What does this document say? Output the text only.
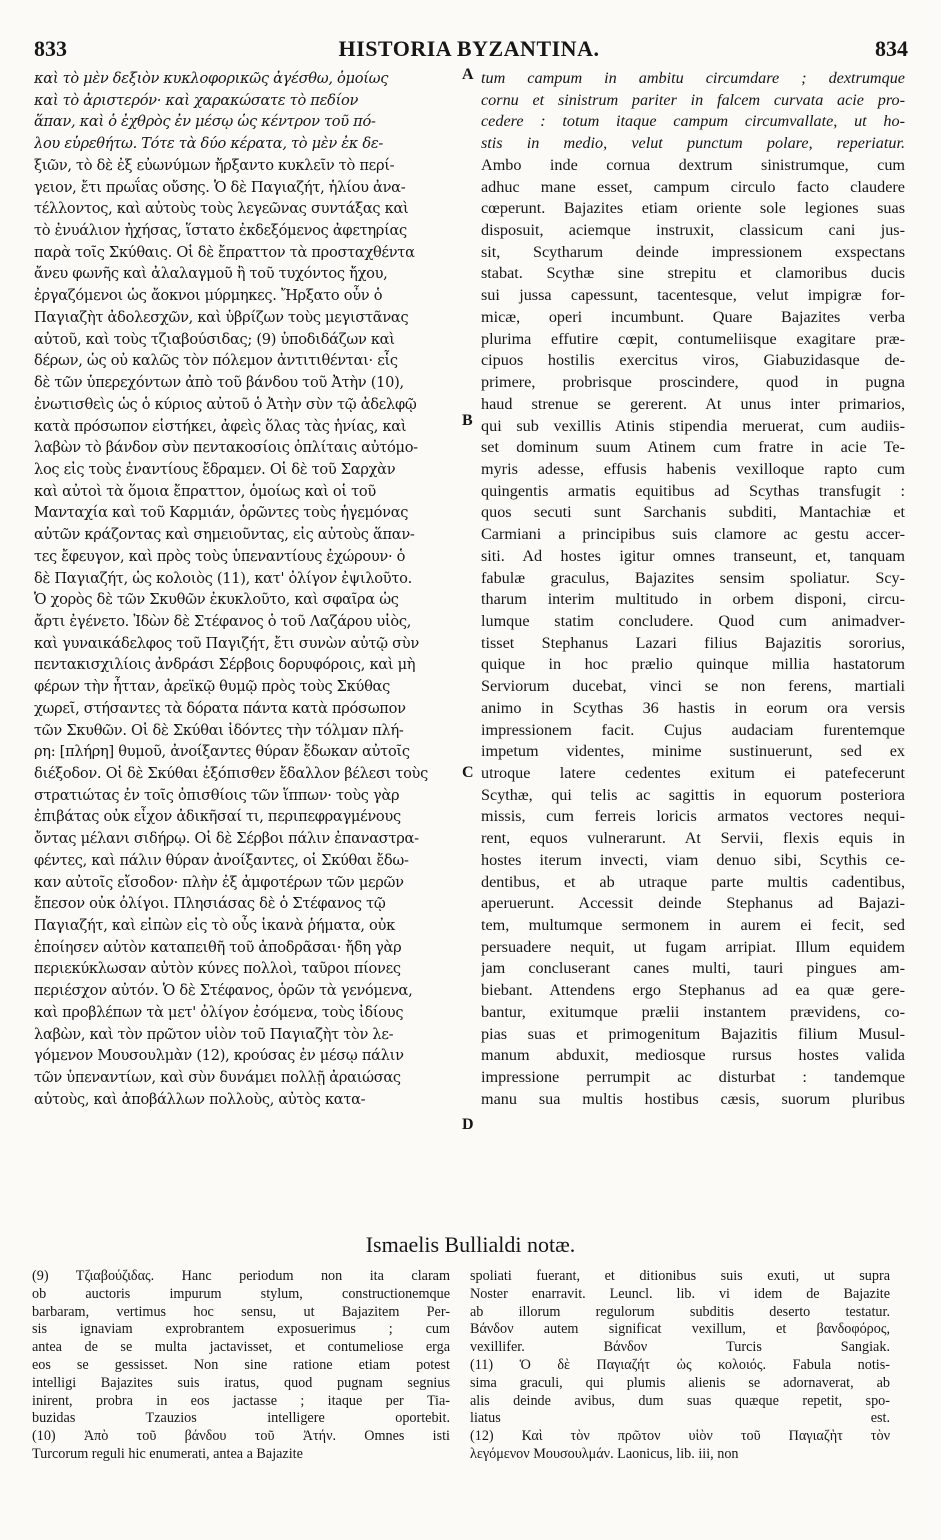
833	HISTORIA BYZANTINA.	834
καὶ τὸ μὲν δεξιὸν κυκλοφορικῶς ἀγέσθω, ὁμοίως
καὶ τὸ ἀριστερόν· καὶ χαρακώσατε τὸ πεδίον
ἅπαν, καὶ ὁ ἐχθρὸς ἐν μέσῳ ὡς κέντρον τοῦ πό-
λου εὑρεθήτω. Τότε τὰ δύο κέρατα, τὸ μὲν ἐκ δε-
ξιῶν, τὸ δὲ ἐξ εὐωνύμων ἤρξαντο κυκλεῖν τὸ περί-
γειον, ἔτι πρωΐας οὔσης. Ὁ δὲ Παγιαζήτ, ἡλίου ἀνα-
τέλλοντος, καὶ αὐτοὺς τοὺς λεγεῶνας συντάξας καὶ
τὸ ἐνυάλιον ἠχήσας, ἵστατο ἐκδεξόμενος ἀφετηρίας
παρὰ τοῖς Σκύθαις. Οἱ δὲ ἔπραττον τὰ προσταχθέντα
ἄνευ φωνῆς καὶ ἀλαλαγμοῦ ἢ τοῦ τυχόντος ἤχου,
ἐργαζόμενοι ὡς ἄοκνοι μύρμηκες. Ἤρξατο οὖν ὁ
Παγιαζὴτ ἀδολεσχῶν, καὶ ὑβρίζων τοὺς μεγιστᾶνας
αὐτοῦ, καὶ τοὺς τζιαβούσιδας; (9) ὑποδιδάζων καὶ
δέρων, ὡς οὐ καλῶς τὸν πόλεμον ἀντιτιθένται· εἷς
δὲ τῶν ὑπερεχόντων ἀπὸ τοῦ βάνδου τοῦ Ἀτὴν (10),
ἐνωτισθεὶς ὡς ὁ κύριος αὐτοῦ ὁ Ἀτὴν σὺν τῷ ἀδελφῷ
κατὰ πρόσωπον εἱστήκει, ἀφεὶς ὅλας τὰς ἡνίας, καὶ
λαβὼν τὸ βάνδον σὺν πεντακοσίοις ὁπλίταις αὐτόμο-
λος εἰς τοὺς ἐναντίους ἔδραμεν. Οἱ δὲ τοῦ Σαρχὰν
καὶ αὐτοὶ τὰ ὅμοια ἔπραττον, ὁμοίως καὶ οἱ τοῦ
Μανταχία καὶ τοῦ Καρμιάν, ὁρῶντες τοὺς ἡγεμόνας
αὐτῶν κράζοντας καὶ σημειοῦντας, εἰς αὐτοὺς ἅπαν-
τες ἔφευγον, καὶ πρὸς τοὺς ὑπεναντίους ἐχώρουν· ὁ
δὲ Παγιαζήτ, ὡς κολοιὸς (11), κατ' ὀλίγον ἐψιλοῦτο.
Ὁ χορὸς δὲ τῶν Σκυθῶν ἐκυκλοῦτο, καὶ σφαῖρα ὡς
ἄρτι ἐγένετο. Ἰδὼν δὲ Στέφανος ὁ τοῦ Λαζάρου υἱὸς,
καὶ γυναικάδελφος τοῦ Παγιζήτ, ἔτι συνὼν αὐτῷ σὺν
πεντακισχιλίοις ἀνδράσι Σέρβοις δορυφόροις, καὶ μὴ
φέρων τὴν ἧτταν, ἀρεϊκῷ θυμῷ πρὸς τοὺς Σκύθας
χωρεῖ, στήσαντες τὰ δόρατα πάντα κατὰ πρόσωπον
τῶν Σκυθῶν. Οἱ δὲ Σκύθαι ἰδόντες τὴν τόλμαν πλή-
ρη: [πλήρη] θυμοῦ, ἀνοίξαντες θύραν ἔδωκαν αὐτοῖς
διέξοδον. Οἱ δὲ Σκύθαι ἐξόπισθεν ἔδαλλον βέλεσι τοὺς
στρατιώτας ἐν τοῖς ὀπισθίοις τῶν ἵππων· τοὺς γὰρ
ἐπιβάτας οὐκ εἶχον ἀδικῆσαί τι, περιπεφραγμένους
ὄντας μέλανι σιδήρῳ. Οἱ δὲ Σέρβοι πάλιν ἐπαναστρα-
φέντες, καὶ πάλιν θύραν ἀνοίξαντες, οἱ Σκύθαι ἔδω-
καν αὐτοῖς εἴσοδον· πλὴν ἐξ ἀμφοτέρων τῶν μερῶν
ἔπεσον οὐκ ὀλίγοι. Πλησιάσας δὲ ὁ Στέφανος τῷ
Παγιαζήτ, καὶ εἰπὼν εἰς τὸ οὖς ἱκανὰ ῥήματα, οὐκ
ἐποίησεν αὐτὸν καταπειθῆ τοῦ ἀποδρᾶσαι· ἤδη γὰρ
περιεκύκλωσαν αὐτὸν κύνες πολλοὶ, ταῦροι πίονες
περιέσχον αὐτόν. Ὁ δὲ Στέφανος, ὁρῶν τὰ γενόμενα,
καὶ προβλέπων τὰ μετ' ὀλίγον ἐσόμενα, τοὺς ἰδίους
λαβὼν, καὶ τὸν πρῶτον υἱὸν τοῦ Παγιαζὴτ τὸν λε-
γόμενον Μουσουλμὰν (12), κρούσας ἐν μέσῳ πάλιν
τῶν ὑπεναντίων, καὶ σὺν δυνάμει πολλῇ ἀραιώσας
αὐτοὺς, καὶ ἀποβάλλων πολλοὺς, αὐτὸς κατα-
tum campum in ambitu circumdare ; dextrumque
cornu et sinistrum pariter in falcem curvata acie pro-
cedere : totum itaque campum circumvallate, ut ho-
stis in medio, velut punctum polare, reperiatur.
Ambo inde cornua dextrum sinistrumque, cum
adhuc mane esset, campum circulo facto claudere
cœperunt. Bajazites etiam oriente sole legiones suas
disposuit, aciemque instruxit, classicum cani jus-
sit, Scytharum deinde impressionem exspectans
stabat. Scythæ sine strepitu et clamoribus ducis
sui jussa capessunt, tacentesque, velut impigræ for-
micæ, operi incumbunt. Quare Bajazites verba
plurima effutire cœpit, contumeliisque exagitare præ-
cipuos hostilis exercitus viros, Giabuzidasque de-
primere, probrisque proscindere, quod in pugna
haud strenue se gererent. At unus inter primarios,
qui sub vexillis Atinis stipendia meruerat, cum audiis-
set dominum suum Atinem cum fratre in acie Te-
myris adesse, effusis habenis vexilloque rapto cum
quingentis armatis equitibus ad Scythas transfugit :
quos secuti sunt Sarchanis subditi, Mantachiæ et
Carmiani a principibus suis clamore ac gestu accer-
siti. Ad hostes igitur omnes transeunt, et, tanquam
fabulæ graculus, Bajazites sensim spoliatur. Scy-
tharum interim multitudo in orbem disponi, circu-
lumque statim concludere. Quod cum animadver-
tisset Stephanus Lazari filius Bajazitis sororius,
quique in hoc prælio quinque millia hastatorum
Serviorum ducebat, vinci se non ferens, martiali
animo in Scythas 36 hastis in eorum ora versis
impressionem facit. Cujus audaciam furentemque
impetum videntes, minime sustinuerunt, sed ex
utroque latere cedentes exitum ei patefecerunt
Scythæ, qui telis ac sagittis in equorum posteriora
missis, cum ferreis loricis armatos vectores nequi-
rent, equos vulnerarunt. At Servii, flexis equis in
hostes iterum invecti, viam denuo sibi, Scythis ce-
dentibus, et ab utraque parte multis cadentibus,
aperuerunt. Accessit deinde Stephanus ad Bajazi-
tem, multumque sermonem in aurem ei fecit, sed
persuadere nequit, ut fugam arripiat. Illum equidem
jam concluserant canes multi, tauri pingues am-
biebant. Attendens ergo Stephanus ad ea quæ gere-
bantur, exitumque prælii instantem prævidens, co-
pias suas et primogenitum Bajazitis filium Musul-
manum abduxit, mediosque rursus hostes valida
impressione perrumpit ac disturbat : tandemque
manu sua multis hostibus cæsis, suorum pluribus
A
B
C
D
Ismaelis Bullialdi notæ.
(9) Τζιαβούζιδας. Hanc periodum non ita claram
ob auctoris impurum stylum, constructionemque
barbaram, vertimus hoc sensu, ut Bajazitem Per-
sis ignaviam exprobrantem exposuerimus ; cum
antea de se multa jactavisset, et contumeliose erga
eos se gessisset. Non sine ratione etiam potest
intelligi Bajazites suis iratus, quod pugnam segnius
inirent, probra in eos jactasse ; itaque per Tia-
buzidas Tzauzios intelligere oportebit.
(10) Ἀπὸ τοῦ βάνδου τοῦ Ἀτήν. Omnes isti
Turcorum reguli hic enumerati, antea a Bajazite
spoliati fuerant, et ditionibus suis exuti, ut supra
Noster enarravit. Leuncl. lib. vi idem de Bajazite
ab illorum regulorum subditis deserto testatur.
Βάνδον autem significat vexillum, et βανδοφόρος,
vexillifer. Βάνδον Turcis Sangiak.
(11) Ὁ δὲ Παγιαζήτ ὡς κολοιός. Fabula notis-
sima graculi, qui plumis alienis se adornaverat, ab
alis deinde avibus, dum suas quæque repetit, spo-
liatus est.
(12) Καὶ τὸν πρῶτον υἱὸν τοῦ Παγιαζὴτ τὸν
λεγόμενον Μουσουλμάν. Laonicus, lib. iii, non
